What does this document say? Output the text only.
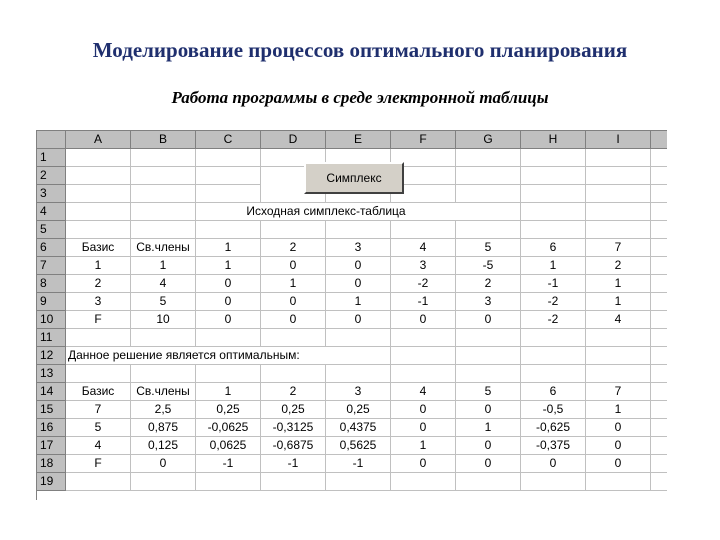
Моделирование процессов оптимального планирования
Работа программы в среде электронной таблицы
A	B	C	D	E	F	G	H	I
1
2
3
4
5
6
7
8
9
10
11
12
13
14
15
16
17
18
19
Базис	Св.члены	1	2	3	4	5	6	7
1	1	1	0	0	3	-5	1	2
2	4	0	1	0	-2	2	-1	1
3	5	0	0	1	-1	3	-2	1
F	10	0	0	0	0	0	-2	4
Базис	Св.члены	1	2	3	4	5	6	7
7	2,5	0,25	0,25	0,25	0	0	-0,5	1
5	0,875	-0,0625	-0,3125	0,4375	0	1	-0,625	0
4	0,125	0,0625	-0,6875	0,5625	1	0	-0,375	0
F	0	-1	-1	-1	0	0	0	0
Исходная симплекс-таблица
Данное решение является оптимальным:
Симплекс
